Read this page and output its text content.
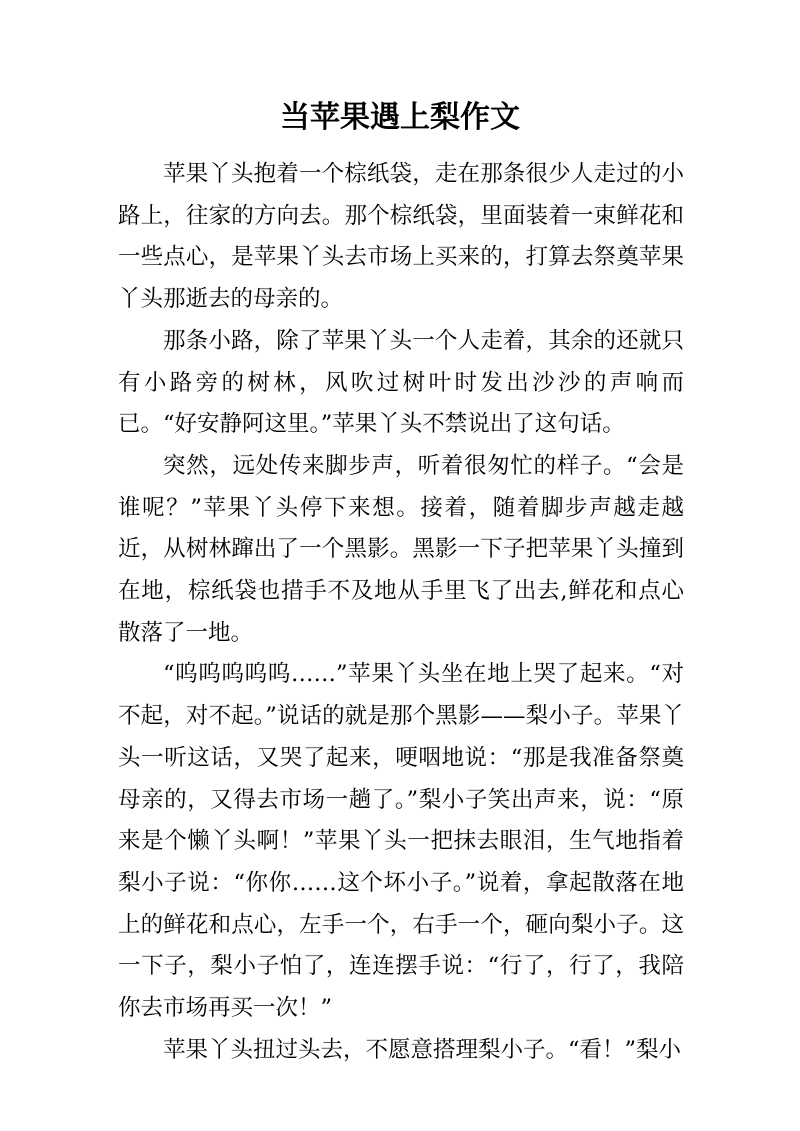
当苹果遇上梨作文

苹果丫头抱着一个棕纸袋，走在那条很少人走过的小路上，往家的方向去。那个棕纸袋，里面装着一束鲜花和一些点心，是苹果丫头去市场上买来的，打算去祭奠苹果丫头那逝去的母亲的。

那条小路，除了苹果丫头一个人走着，其余的还就只有小路旁的树林，风吹过树叶时发出沙沙的声响而已。“好安静阿这里。”苹果丫头不禁说出了这句话。

突然，远处传来脚步声，听着很匆忙的样子。“会是谁呢？”苹果丫头停下来想。接着，随着脚步声越走越近，从树林蹿出了一个黑影。黑影一下子把苹果丫头撞到在地，棕纸袋也措手不及地从手里飞了出去,鲜花和点心散落了一地。

“呜呜呜呜呜……”苹果丫头坐在地上哭了起来。“对不起，对不起。”说话的就是那个黑影——梨小子。苹果丫头一听这话，又哭了起来，哽咽地说：“那是我准备祭奠母亲的，又得去市场一趟了。”梨小子笑出声来，说：“原来是个懒丫头啊！”苹果丫头一把抹去眼泪，生气地指着梨小子说：“你你……这个坏小子。”说着，拿起散落在地上的鲜花和点心，左手一个，右手一个，砸向梨小子。这一下子，梨小子怕了，连连摆手说：“行了，行了，我陪你去市场再买一次！”

苹果丫头扭过头去，不愿意搭理梨小子。“看！”梨小
